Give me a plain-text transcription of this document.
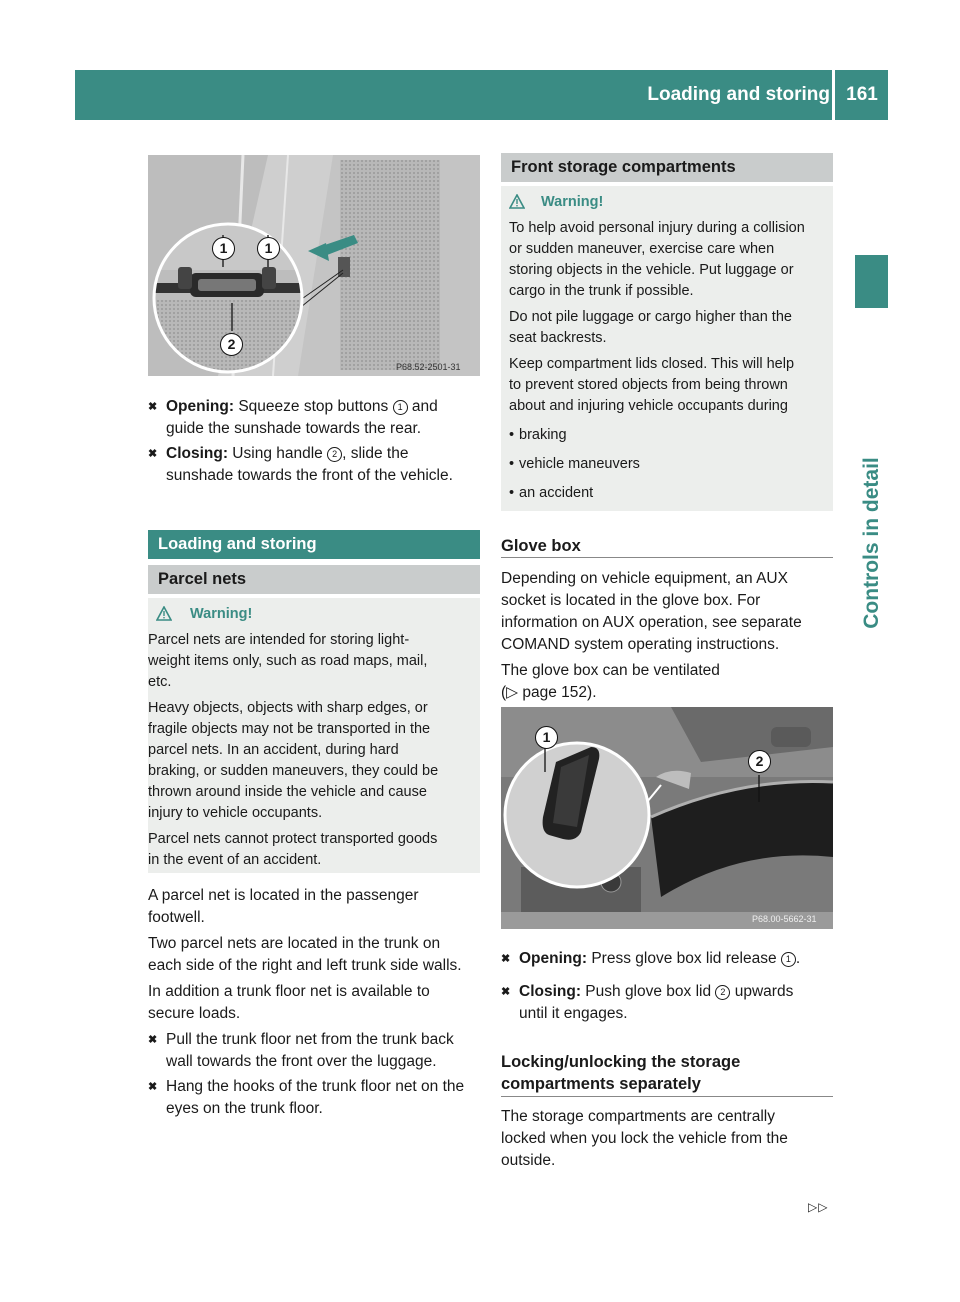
Loading and storing 161
Controls in detail
1	1
2
P68.52-2501-31
✖ Opening: Squeeze stop buttons 1 and
guide the sunshade towards the rear.
✖ Closing: Using handle 2 , slide the
sunshade towards the front of the vehicle.
Loading and storing
Parcel nets
Warning!
Parcel nets are intended for storing light-
weight items only, such as road maps, mail,
etc.
Heavy objects, objects with sharp edges, or
fragile objects may not be transported in the
parcel nets. In an accident, during hard
braking, or sudden maneuvers, they could be
thrown around inside the vehicle and cause
injury to vehicle occupants.
Parcel nets cannot protect transported goods
in the event of an accident.
A parcel net is located in the passenger
footwell.
Two parcel nets are located in the trunk on
each side of the right and left trunk side walls.
In addition a trunk floor net is available to
secure loads.
✖ Pull the trunk floor net from the trunk back
wall towards the front over the luggage.
✖ Hang the hooks of the trunk floor net on the
eyes on the trunk floor.
Front storage compartments
Warning!
To help avoid personal injury during a collision
or sudden maneuver, exercise care when
storing objects in the vehicle. Put luggage or
cargo in the trunk if possible.
Do not pile luggage or cargo higher than the
seat backrests.
Keep compartment lids closed. This will help
to prevent stored objects from being thrown
about and injuring vehicle occupants during
• braking
• vehicle maneuvers
• an accident
Glove box
Depending on vehicle equipment, an AUX
socket is located in the glove box. For
information on AUX operation, see separate
COMAND system operating instructions.
The glove box can be ventilated
(▷ page 152).
1
2
P68.00-5662-31
✖ Opening: Press glove box lid release 1 .
✖ Closing: Push glove box lid 2 upwards
until it engages.
Locking/unlocking the storage
compartments separately
The storage compartments are centrally
locked when you lock the vehicle from the
outside.
▷▷
